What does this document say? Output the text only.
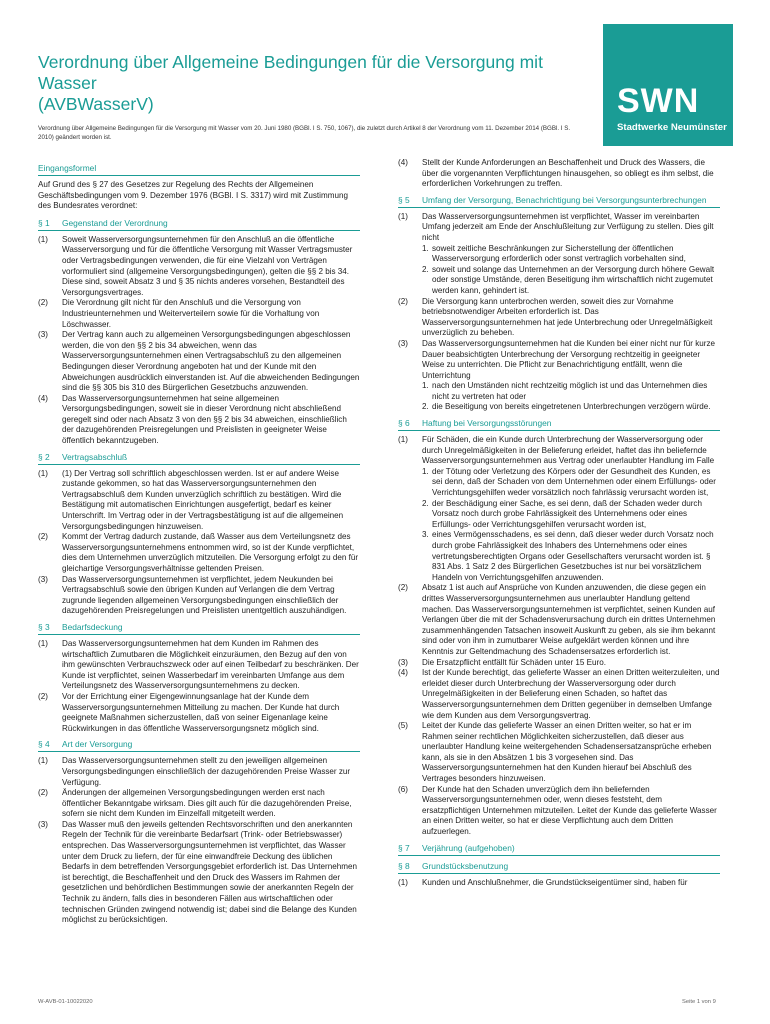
Verordnung über Allgemeine Bedingungen für die Versorgung mit Wasser
(AVBWasserV)	SWN
Stadtwerke Neumünster
Verordnung über Allgemeine Bedingungen für die Versorgung mit Wasser vom 20. Juni 1980 (BGBl. I S. 750, 1067), die zuletzt durch Artikel 8 der Verordnung vom 11. Dezember 2014 (BGBl. I S. 2010) geändert worden ist.
Eingangsformel
Auf Grund des § 27 des Gesetzes zur Regelung des Rechts der Allgemeinen Geschäftsbedingungen vom 9. Dezember 1976 (BGBl. I S. 3317) wird mit Zustimmung des Bundesrates verordnet:
§ 1 Gegenstand der Verordnung
(1)	Soweit Wasserversorgungsunternehmen für den Anschluß an die öffentliche Wasserversorgung und für die öffentliche Versorgung mit Wasser Vertragsmuster oder Vertragsbedingungen verwenden, die für eine Vielzahl von Verträgen vorformuliert sind (allgemeine Versorgungsbedingungen), gelten die §§ 2 bis 34. Diese sind, soweit Absatz 3 und § 35 nichts anderes vorsehen, Bestandteil des Versorgungsvertrages.
(2)	Die Verordnung gilt nicht für den Anschluß und die Versorgung von Industrieunternehmen und Weiterverteilern sowie für die Vorhaltung von Löschwasser.
(3)	Der Vertrag kann auch zu allgemeinen Versorgungsbedingungen abgeschlossen werden, die von den §§ 2 bis 34 abweichen, wenn das Wasserversorgungsunternehmen einen Vertragsabschluß zu den allgemeinen Bedingungen dieser Verordnung angeboten hat und der Kunde mit den Abweichungen ausdrücklich einverstanden ist. Auf die abweichenden Bedingungen sind die §§ 305 bis 310 des Bürgerlichen Gesetzbuchs anzuwenden.
(4)	Das Wasserversorgungsunternehmen hat seine allgemeinen Versorgungsbedingungen, soweit sie in dieser Verordnung nicht abschließend geregelt sind oder nach Absatz 3 von den §§ 2 bis 34 abweichen, einschließlich der dazugehörenden Preisregelungen und Preislisten in geeigneter Weise öffentlich bekanntzugeben.
§ 2 Vertragsabschluß
(1)	(1) Der Vertrag soll schriftlich abgeschlossen werden. Ist er auf andere Weise zustande gekommen, so hat das Wasserversorgungsunternehmen den Vertragsabschluß dem Kunden unverzüglich schriftlich zu bestätigen. Wird die Bestätigung mit automatischen Einrichtungen ausgefertigt, bedarf es keiner Unterschrift. Im Vertrag oder in der Vertragsbestätigung ist auf die allgemeinen Versorgungsbedingungen hinzuweisen.
(2)	Kommt der Vertrag dadurch zustande, daß Wasser aus dem Verteilungsnetz des Wasserversorgungsunternehmens entnommen wird, so ist der Kunde verpflichtet, dies dem Unternehmen unverzüglich mitzuteilen. Die Versorgung erfolgt zu den für gleichartige Versorgungsverhältnisse geltenden Preisen.
(3)	Das Wasserversorgungsunternehmen ist verpflichtet, jedem Neukunden bei Vertragsabschluß sowie den übrigen Kunden auf Verlangen die dem Vertrag zugrunde liegenden allgemeinen Versorgungsbedingungen einschließlich der dazugehörenden Preisregelungen und Preislisten unentgeltlich auszuhändigen.
§ 3 Bedarfsdeckung
(1)	Das Wasserversorgungsunternehmen hat dem Kunden im Rahmen des wirtschaftlich Zumutbaren die Möglichkeit einzuräumen, den Bezug auf den von ihm gewünschten Verbrauchszweck oder auf einen Teilbedarf zu beschränken. Der Kunde ist verpflichtet, seinen Wasserbedarf im vereinbarten Umfange aus dem Verteilungsnetz des Wasserversorgungsunternehmens zu decken.
(2)	Vor der Errichtung einer Eigengewinnungsanlage hat der Kunde dem Wasserversorgungsunternehmen Mitteilung zu machen. Der Kunde hat durch geeignete Maßnahmen sicherzustellen, daß von seiner Eigenanlage keine Rückwirkungen in das öffentliche Wasserversorgungsnetz möglich sind.
§ 4 Art der Versorgung
(1)	Das Wasserversorgungsunternehmen stellt zu den jeweiligen allgemeinen Versorgungsbedingungen einschließlich der dazugehörenden Preise Wasser zur Verfügung.
(2)	Änderungen der allgemeinen Versorgungsbedingungen werden erst nach öffentlicher Bekanntgabe wirksam. Dies gilt auch für die dazugehörenden Preise, sofern sie nicht dem Kunden im Einzelfall mitgeteilt werden.
(3)	Das Wasser muß den jeweils geltenden Rechtsvorschriften und den anerkannten Regeln der Technik für die vereinbarte Bedarfsart (Trink- oder Betriebswasser) entsprechen. Das Wasserversorgungsunternehmen ist verpflichtet, das Wasser unter dem Druck zu liefern, der für eine einwandfreie Deckung des üblichen Bedarfs in dem betreffenden Versorgungsgebiet erforderlich ist. Das Unternehmen ist berechtigt, die Beschaffenheit und den Druck des Wassers im Rahmen der gesetzlichen und behördlichen Bestimmungen sowie der anerkannten Regeln der Technik zu ändern, falls dies in besonderen Fällen aus wirtschaftlichen oder technischen Gründen zwingend notwendig ist; dabei sind die Belange des Kunden möglichst zu berücksichtigen.
(4)	Stellt der Kunde Anforderungen an Beschaffenheit und Druck des Wassers, die über die vorgenannten Verpflichtungen hinausgehen, so obliegt es ihm selbst, die erforderlichen Vorkehrungen zu treffen.
§ 5 Umfang der Versorgung, Benachrichtigung bei Versorgungsunterbrechungen
(1)	Das Wasserversorgungsunternehmen ist verpflichtet, Wasser im vereinbarten Umfang jederzeit am Ende der Anschlußleitung zur Verfügung zu stellen. Dies gilt nicht
1. soweit zeitliche Beschränkungen zur Sicherstellung der öffentlichen Wasserversorgung erforderlich oder sonst vertraglich vorbehalten sind,
2. soweit und solange das Unternehmen an der Versorgung durch höhere Gewalt oder sonstige Umstände, deren Beseitigung ihm wirtschaftlich nicht zugemutet werden kann, gehindert ist.
(2)	Die Versorgung kann unterbrochen werden, soweit dies zur Vornahme betriebsnotwendiger Arbeiten erforderlich ist. Das Wasserversorgungsunternehmen hat jede Unterbrechung oder Unregelmäßigkeit unverzüglich zu beheben.
(3)	Das Wasserversorgungsunternehmen hat die Kunden bei einer nicht nur für kurze Dauer beabsichtigten Unterbrechung der Versorgung rechtzeitig in geeigneter Weise zu unterrichten. Die Pflicht zur Benachrichtigung entfällt, wenn die Unterrichtung
1. nach den Umständen nicht rechtzeitig möglich ist und das Unternehmen dies nicht zu vertreten hat oder
2. die Beseitigung von bereits eingetretenen Unterbrechungen verzögern würde.
§ 6 Haftung bei Versorgungsstörungen
(1)	Für Schäden, die ein Kunde durch Unterbrechung der Wasserversorgung oder durch Unregelmäßigkeiten in der Belieferung erleidet, haftet das ihn beliefernde Wasserversorgungsunternehmen aus Vertrag oder unerlaubter Handlung im Falle
1. der Tötung oder Verletzung des Körpers oder der Gesundheit des Kunden, es sei denn, daß der Schaden von dem Unternehmen oder einem Erfüllungs- oder Verrichtungsgehilfen weder vorsätzlich noch fahrlässig verursacht worden ist,
2. der Beschädigung einer Sache, es sei denn, daß der Schaden weder durch Vorsatz noch durch grobe Fahrlässigkeit des Unternehmens oder eines Erfüllungs- oder Verrichtungsgehilfen verursacht worden ist,
3. eines Vermögensschadens, es sei denn, daß dieser weder durch Vorsatz noch durch grobe Fahrlässigkeit des Inhabers des Unternehmens oder eines vertretungsberechtigten Organs oder Gesellschafters verursacht worden ist. § 831 Abs. 1 Satz 2 des Bürgerlichen Gesetzbuches ist nur bei vorsätzlichem Handeln von Verrichtungsgehilfen anzuwenden.
(2)	Absatz 1 ist auch auf Ansprüche von Kunden anzuwenden, die diese gegen ein drittes Wasserversorgungsunternehmen aus unerlaubter Handlung geltend machen. Das Wasserversorgungsunternehmen ist verpflichtet, seinen Kunden auf Verlangen über die mit der Schadensverursachung durch ein drittes Unternehmen zusammenhängenden Tatsachen insoweit Auskunft zu geben, als sie ihm bekannt sind oder von ihm in zumutbarer Weise aufgeklärt werden können und ihre Kenntnis zur Geltendmachung des Schadensersatzes erforderlich ist.
(3)	Die Ersatzpflicht entfällt für Schäden unter 15 Euro.
(4)	Ist der Kunde berechtigt, das gelieferte Wasser an einen Dritten weiterzuleiten, und erleidet dieser durch Unterbrechung der Wasserversorgung oder durch Unregelmäßigkeiten in der Belieferung einen Schaden, so haftet das Wasserversorgungsunternehmen dem Dritten gegenüber in demselben Umfange wie dem Kunden aus dem Versorgungsvertrag.
(5)	Leitet der Kunde das gelieferte Wasser an einen Dritten weiter, so hat er im Rahmen seiner rechtlichen Möglichkeiten sicherzustellen, daß dieser aus unerlaubter Handlung keine weitergehenden Schadensersatzansprüche erheben kann, als sie in den Absätzen 1 bis 3 vorgesehen sind. Das Wasserversorgungsunternehmen hat den Kunden hierauf bei Abschluß des Vertrages besonders hinzuweisen.
(6)	Der Kunde hat den Schaden unverzüglich dem ihn beliefernden Wasserversorgungsunternehmen oder, wenn dieses feststeht, dem ersatzpflichtigen Unternehmen mitzuteilen. Leitet der Kunde das gelieferte Wasser an einen Dritten weiter, so hat er diese Verpflichtung auch dem Dritten aufzuerlegen.
§ 7 Verjährung (aufgehoben)
§ 8 Grundstücksbenutzung
(1)	Kunden und Anschlußnehmer, die Grundstückseigentümer sind, haben für
W-AVB-01-10022020	Seite 1 von 9
